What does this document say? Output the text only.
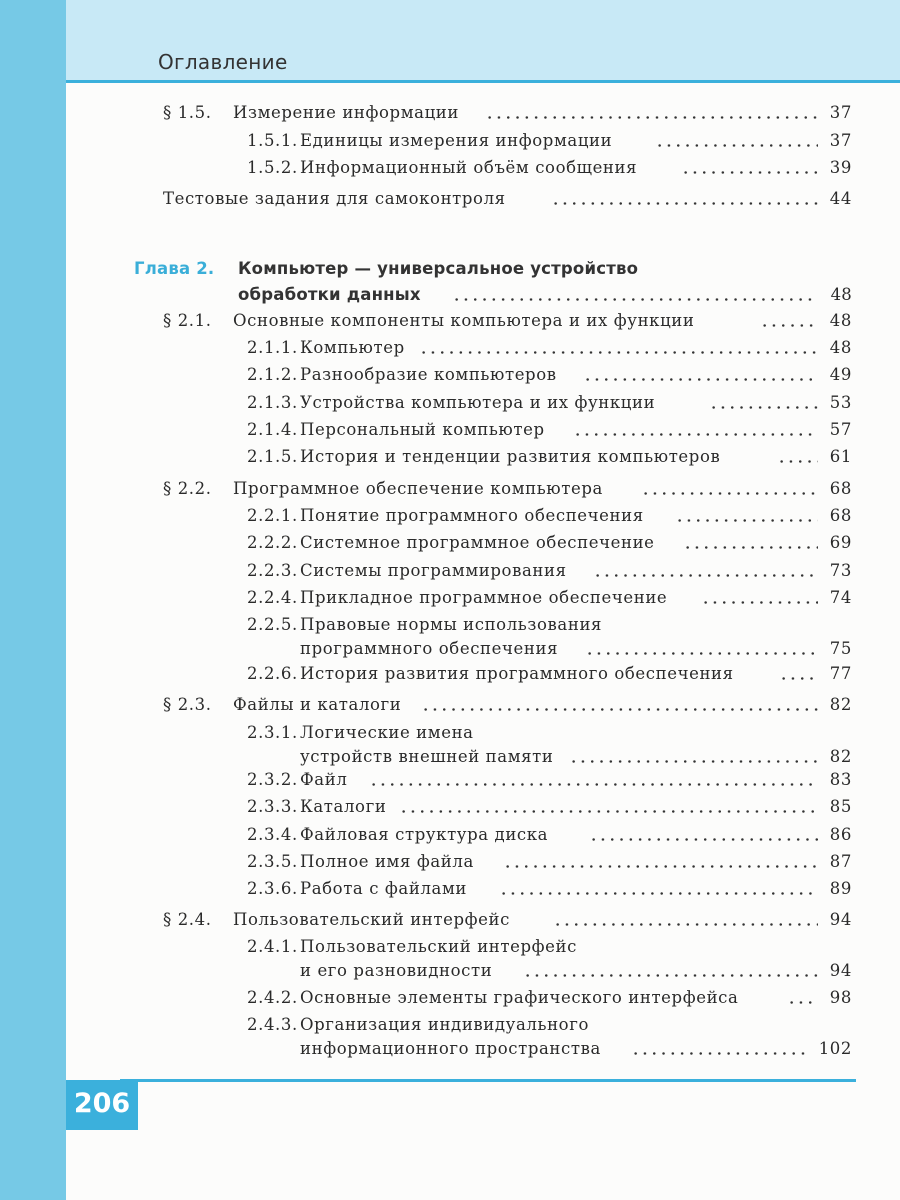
Оглавление
§ 1.5. Измерение информации	37
1.5.1. Единицы измерения информации	37
1.5.2. Информационный объём сообщения	39
Тестовые задания для самоконтроля	44
Глава 2. Компьютер — универсальное устройство
обработки данных	48
§ 2.1. Основные компоненты компьютера и их функции	48
2.1.1. Компьютер	48
2.1.2. Разнообразие компьютеров	49
2.1.3. Устройства компьютера и их функции	53
2.1.4. Персональный компьютер	57
2.1.5. История и тенденции развития компьютеров	61
§ 2.2. Программное обеспечение компьютера	68
2.2.1. Понятие программного обеспечения	68
2.2.2. Системное программное обеспечение	69
2.2.3. Системы программирования	73
2.2.4. Прикладное программное обеспечение	74
2.2.5. Правовые нормы использования
программного обеспечения	75
2.2.6. История развития программного обеспечения	77
§ 2.3. Файлы и каталоги	82
2.3.1. Логические имена
устройств внешней памяти	82
2.3.2. Файл	83
2.3.3. Каталоги	85
2.3.4. Файловая структура диска	86
2.3.5. Полное имя файла	87
2.3.6. Работа с файлами	89
§ 2.4. Пользовательский интерфейс	94
2.4.1. Пользовательский интерфейс
и его разновидности	94
2.4.2. Основные элементы графического интерфейса	98
2.4.3. Организация индивидуального
информационного пространства	102
206
